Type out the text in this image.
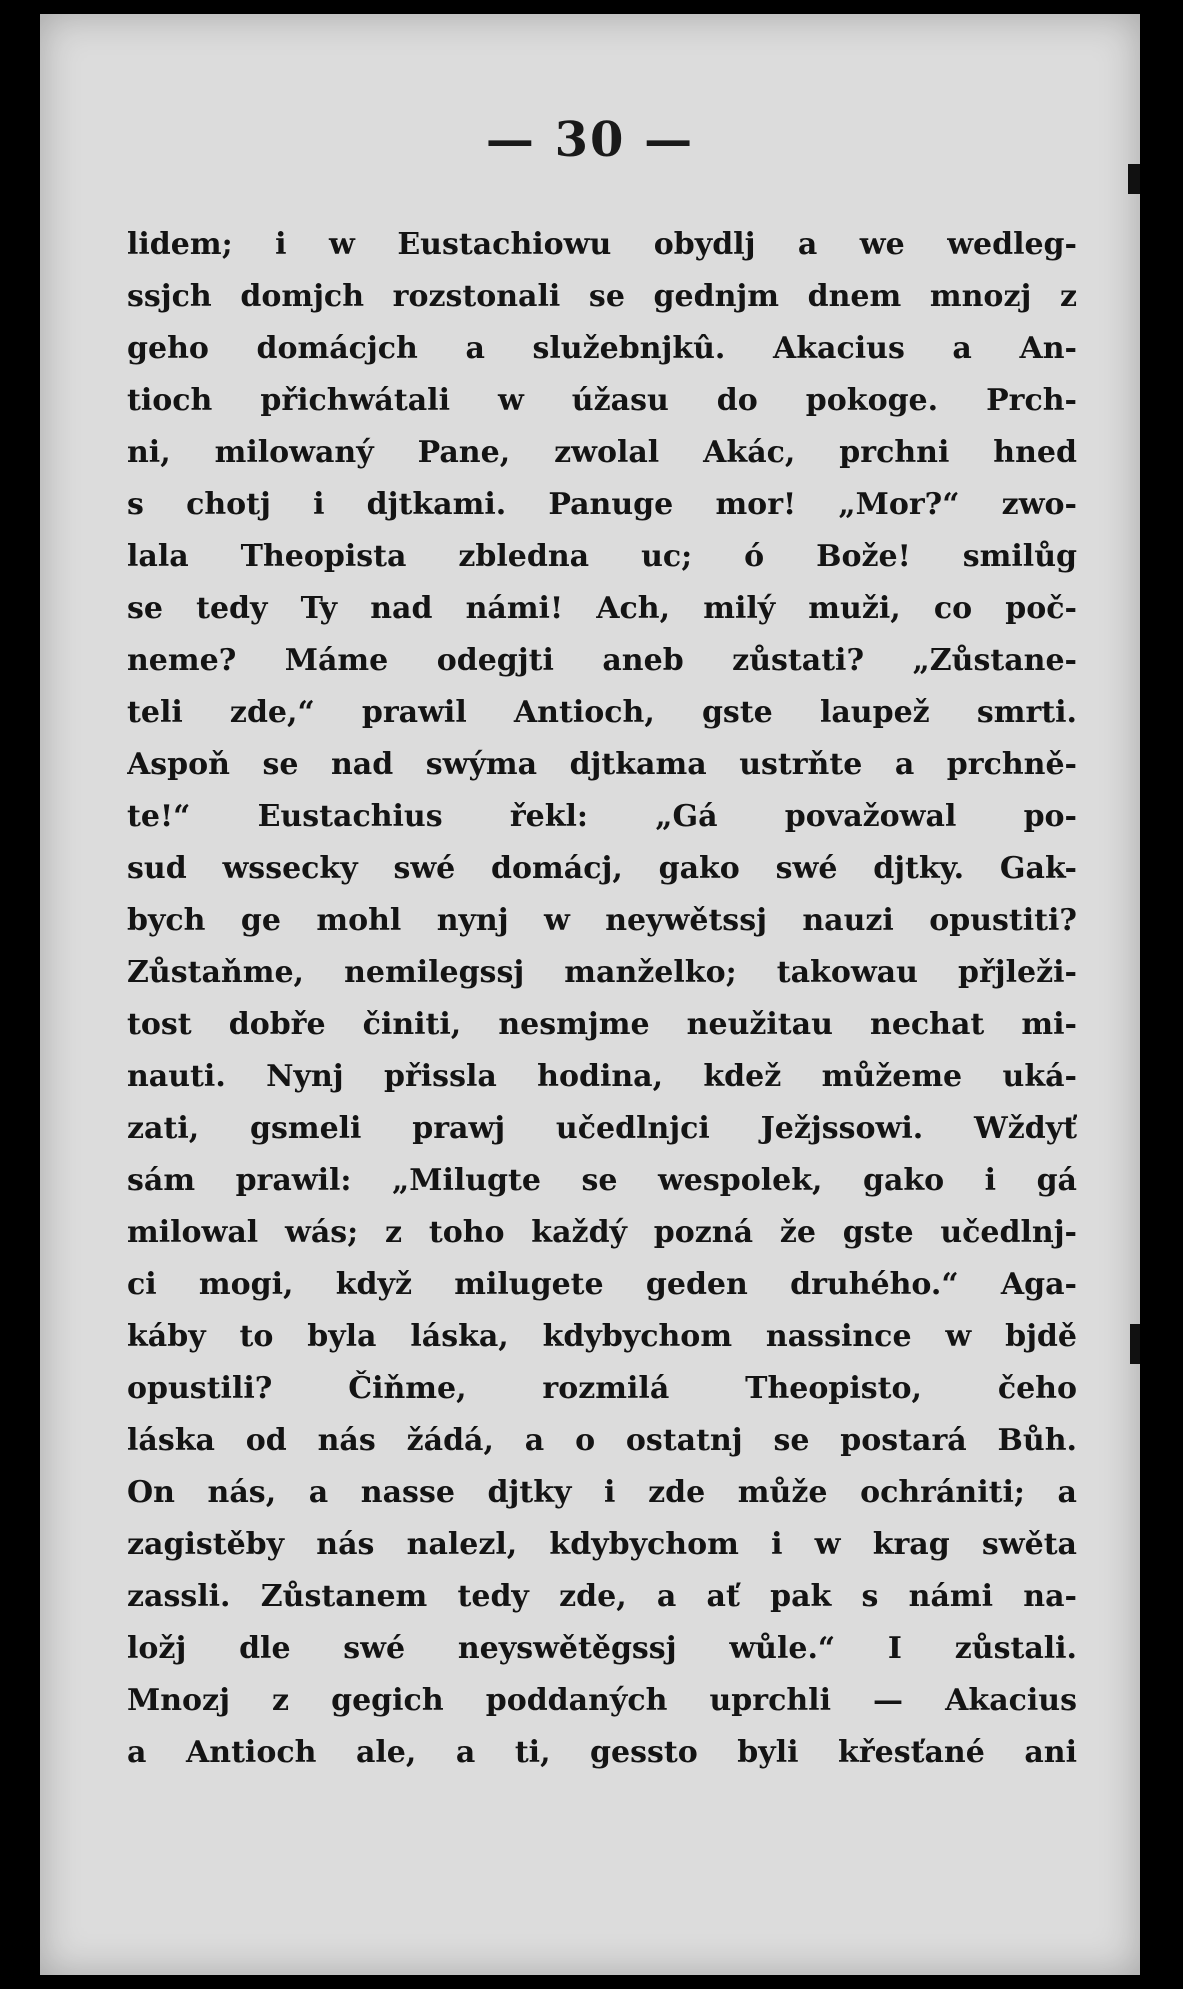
— 30 —
lidem; i w Eustachiowu obydlj a we wedleg-
ssjch domjch rozstonali se gednjm dnem mnozj z
geho domácjch a služebnjkû. Akacius a An-
tioch přichwátali w úžasu do pokoge. Prch-
ni, milowaný Pane, zwolal Akác, prchni hned
s chotj i djtkami. Panuge mor! „Mor?“ zwo-
lala Theopista zbledna uc; ó Bože! smilůg
se tedy Ty nad námi! Ach, milý muži, co poč-
neme? Máme odegjti aneb zůstati? „Zůstane-
teli zde,“ prawil Antioch, gste laupež smrti.
Aspoň se nad swýma djtkama ustrňte a prchně-
te!“ Eustachius řekl: „Gá považowal po-
sud wssecky swé domácj, gako swé djtky. Gak-
bych ge mohl nynj w neywětssj nauzi opustiti?
Zůstaňme, nemilegssj manželko; takowau přjleži-
tost dobře činiti, nesmjme neužitau nechat mi-
nauti. Nynj přissla hodina, kdež můžeme uká-
zati, gsmeli prawj učedlnjci Ježjssowi. Wždyť
sám prawil: „Milugte se wespolek, gako i gá
milowal wás; z toho každý pozná že gste učedlnj-
ci mogi, když milugete geden druhého.“ Aga-
káby to byla láska, kdybychom nassince w bjdě
opustili? Čiňme, rozmilá Theopisto, čeho
láska od nás žádá, a o ostatnj se postará Bůh.
On nás, a nasse djtky i zde může ochrániti; a
zagistěby nás nalezl, kdybychom i w krag swěta
zassli. Zůstanem tedy zde, a ať pak s námi na-
ložj dle swé neyswětěgssj wůle.“ I zůstali.
Mnozj z gegich poddaných uprchli — Akacius
a Antioch ale, a ti, gessto byli křesťané ani
